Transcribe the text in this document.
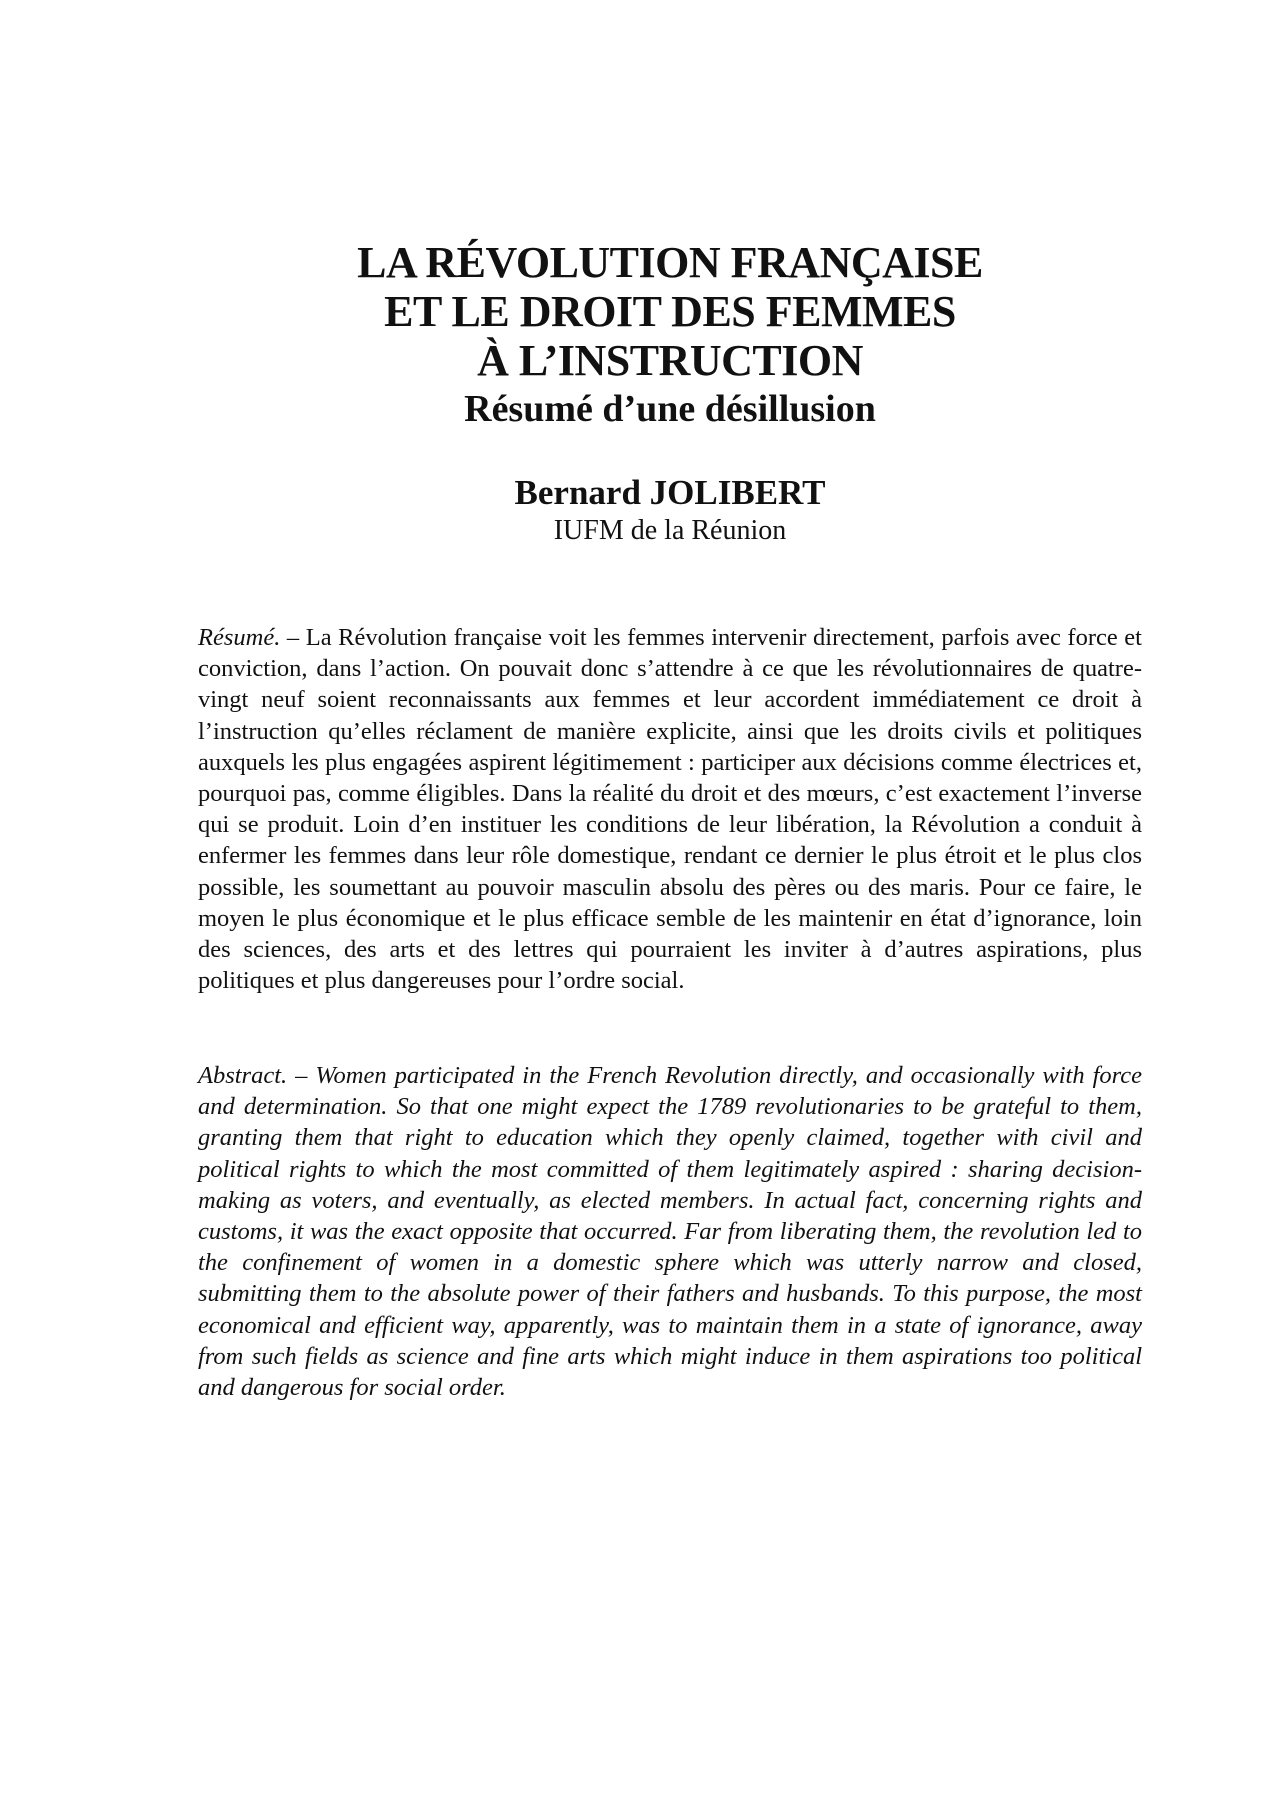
LA RÉVOLUTION FRANÇAISE
ET LE DROIT DES FEMMES
À L’INSTRUCTION
Résumé d’une désillusion
Bernard JOLIBERT
IUFM de la Réunion

Résumé. – La Révolution française voit les femmes intervenir directement, parfois avec force et conviction, dans l’action. On pouvait donc s’attendre à ce que les révolutionnaires de quatre-vingt neuf soient reconnaissants aux femmes et leur accordent immédiatement ce droit à l’instruction qu’elles réclament de manière explicite, ainsi que les droits civils et politiques auxquels les plus engagées aspirent légitimement : participer aux décisions comme électrices et, pourquoi pas, comme éligibles. Dans la réalité du droit et des mœurs, c’est exactement l’inverse qui se produit. Loin d’en instituer les conditions de leur libération, la Révolution a conduit à enfermer les femmes dans leur rôle domestique, rendant ce dernier le plus étroit et le plus clos possible, les soumettant au pouvoir masculin absolu des pères ou des maris. Pour ce faire, le moyen le plus économique et le plus efficace semble de les maintenir en état d’ignorance, loin des sciences, des arts et des lettres qui pourraient les inviter à d’autres aspirations, plus politiques et plus dangereuses pour l’ordre social.

Abstract. – Women participated in the French Revolution directly, and occasionally with force and determination. So that one might expect the 1789 revolutionaries to be grateful to them, granting them that right to education which they openly claimed, together with civil and political rights to which the most committed of them legitimately aspired : sharing decision-making as voters, and eventually, as elected members. In actual fact, concerning rights and customs, it was the exact opposite that occurred. Far from liberating them, the revolution led to the confinement of women in a domestic sphere which was utterly narrow and closed, submitting them to the absolute power of their fathers and husbands. To this purpose, the most economical and efficient way, apparently, was to maintain them in a state of ignorance, away from such fields as science and fine arts which might induce in them aspirations too political and dangerous for social order.
